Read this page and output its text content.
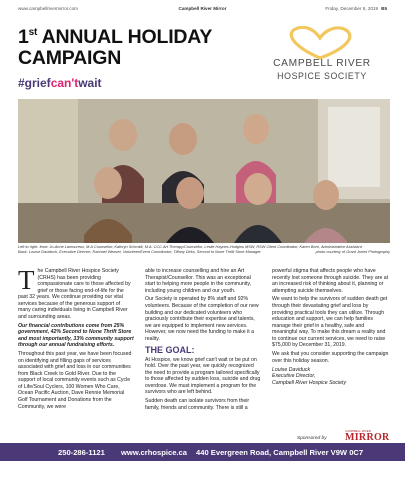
www.campbellrivermirror.com	Campbell River Mirror	Friday, December 6, 2019 B5
1st ANNUAL HOLIDAY
CAMPAIGN
#griefcan'twait
CAMPBELL RIVER
HOSPICE SOCIETY
Left to right- front: Jo-Anne Lamoureux, M.A Counsellor; Kathryn Schmidt, M.A. CCC Art Therapy/Counsellor, Leslie Haynes-Hodgins MSW, RSW Client Coordinator; Karen Born, Administrative Assistant.
Back- Louise Daviduck, Executive Director; Rachael Weaver, Volunteer/Event Coordinator; Tiffany Dirks, Second to None Thrift Store Manager.	photo courtesy of Grant Jones Photography

The Campbell River Hospice Society (CRHS) has been providing compassionate care to those affected by grief or those facing end-of-life for the past 32 years. We continue providing our vital services because of the generous support of many caring individuals living in Campbell River and surrounding areas.

Our financial contributions come from 25% government, 42% Second to None Thrift Store and most importantly, 33% community support through our annual fundraising efforts.

Throughout this past year, we have been focused on identifying and filling gaps of services associated with grief and loss in our communities from Black Creek to Gold River. Due to the support of local community events such as Cycle of Life/Soul Cyclers, 100 Women Who Care, Ocean Pacific Auction, Dave Rennie Memorial Golf Tournament and Donations from the Community, we were

able to increase counselling and hire an Art Therapist/Counsellor. This was an exceptional start to helping more people in the community, including young children and our youth.

Our Society is operated by 8% staff and 92% volunteers. Because of the completion of our new building and our dedicated volunteers who graciously contribute their expertise and talents, we are equipped to implement new services. However, we now need the funding to make it a reality.

THE GOAL:

At Hospice, we know grief can't wait or be put on hold. Over the past year, we quickly recognized the need to provide a program tailored specifically to those affected by sudden loss, suicide and drug overdose. We must implement a program for the survivors who are left behind.

Sudden death can isolate survivors from their family, friends and community. There is still a

powerful stigma that affects people who have recently lost someone through suicide. They are at an increased risk of thinking about it, planning or attempting suicide themselves.

We want to help the survivors of sudden death get through their devastating grief and loss by providing practical tools they can utilize. Through education and support, we can help families manage their grief in a healthy, safe and meaningful way. To make this dream a reality and to continue our current services, we need to raise $75,000 by December 31, 2019.

We ask that you consider supporting the campaign over this holiday season.

Louise Daviduck
Executive Director,
Campbell River Hospice Society

Sponsored by
CAMPBELL RIVER
MIRROR
250-286-1121 www.crhospice.ca 440 Evergreen Road, Campbell River V9W 0C7
